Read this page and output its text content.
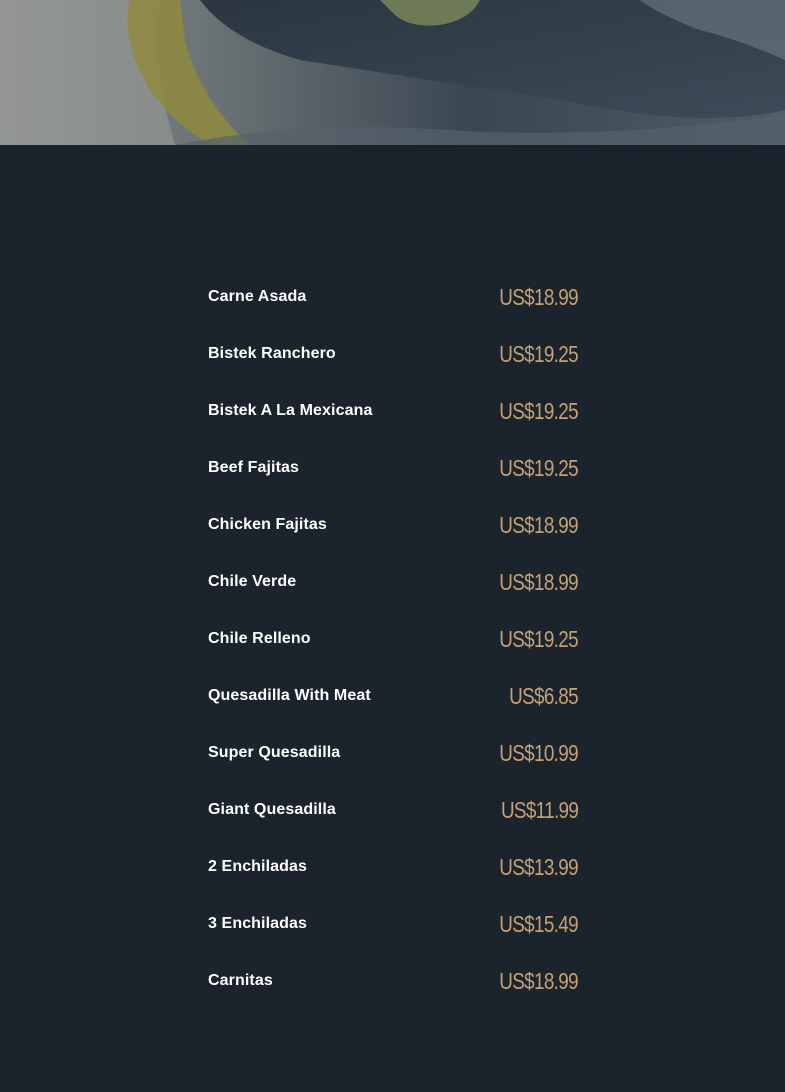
Carne Asada	US$18.99
Bistek Ranchero	US$19.25
Bistek A La Mexicana	US$19.25
Beef Fajitas	US$19.25
Chicken Fajitas	US$18.99
Chile Verde	US$18.99
Chile Relleno	US$19.25
Quesadilla With Meat	US$6.85
Super Quesadilla	US$10.99
Giant Quesadilla	US$11.99
2 Enchiladas	US$13.99
3 Enchiladas	US$15.49
Carnitas	US$18.99
